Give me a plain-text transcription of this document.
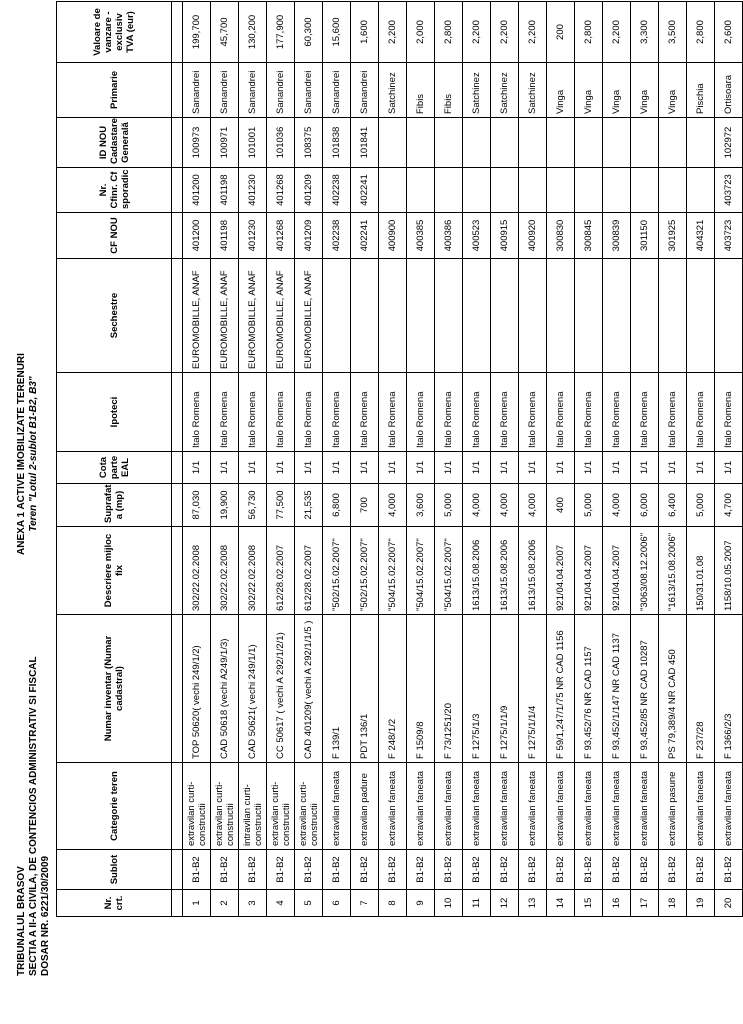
TRIBUNALUL BRASOV SECTIA A II-A CIVILA, DE CONTENCIOS ADMINISTRATIV SI FISCAL DOSAR NR. 6221/30/2009
ANEXA 1 ACTIVE IMOBILIZATE TERENURI Teren "Lotul 2-sublot B1-B2, B3"
Nr. crt.	Sublot	Categorie teren	Numar inventar (Numar cadastral)	Descriere mijloc fix	Suprafat a (mp)	Cota parte EAL	Ipoteci	Sechestre	CF NOU	Nr. Cfinr. Cf sporadic	ID NOU Cadastare Generală	Primarie	Valoare de vanzare - exclusiv TVA (eur)

1	B1-B2	extravilan curti-constructii	TOP 50620( vechi 249/1/2)	302/22.02.2008	87,030	1/1	Italo Romena	EUROMOBILLE, ANAF	401200	401200	100973	Sanandrei	199,700
2	B1-B2	extravilan curti-constructii	CAD 50618 (vechi A249/1/3)	302/22.02.2008	19,900	1/1	Italo Romena	EUROMOBILLE, ANAF	401198	401198	100971	Sanandrei	45,700
3	B1-B2	intravilan curti-constructii	CAD 50621( vechi 249/1/1)	302/22.02.2008	56,730	1/1	Italo Romena	EUROMOBILLE, ANAF	401230	401230	101001	Sanandrei	130,200
4	B1-B2	extravilan curti-constructii	CC 50617 ( vechi A 292/1/2/1)	612/28.02.2007	77,500	1/1	Italo Romena	EUROMOBILLE, ANAF	401268	401268	101036	Sanandrei	177,900
5	B1-B2	extravilan curti-constructii	CAD 401209( vechi A 292/1/1/5 )	612/28.02.2007	21,535	1/1	Italo Romena	EUROMOBILLE, ANAF	401209	401209	108375	Sanandrei	60,300
6	B1-B2	extravilan faneata	F 139/1	"502/15.02.2007"	6,800	1/1	Italo Romena		402238	402238	101838	Sanandrei	15,600
7	B1-B2	extravilan padure	PDT 136/1	"502/15.02.2007"	700	1/1	Italo Romena		402241	402241	101841	Sanandrei	1,600
8	B1-B2	extravilan faneata	F 248/1/2	"504/15.02.2007"	4,000	1/1	Italo Romena		400900			Satchinez	2,200
9	B1-B2	extravilan faneata	F 1509/8	"504/15.02.2007"	3,600	1/1	Italo Romena		400385			Fibis	2,000
10	B1-B2	extravilan faneata	F 73/1251/20	"504/15.02.2007"	5,000	1/1	Italo Romena		400386			Fibis	2,800
11	B1-B2	extravilan faneata	F 1275/1/3	1613/15.08.2006	4,000	1/1	Italo Romena		400523			Satchinez	2,200
12	B1-B2	extravilan faneata	F 1275/1/1/9	1613/15.08.2006	4,000	1/1	Italo Romena		400915			Satchinez	2,200
13	B1-B2	extravilan faneata	F 1275/1/1/4	1613/15.08.2006	4,000	1/1	Italo Romena		400920			Satchinez	2,200
14	B1-B2	extravilan faneata	F 59/1,247/1/75 NR CAD 1156	921/04.04.2007	400	1/1	Italo Romena		300830			Vinga	200
15	B1-B2	extravilan faneata	F 93,452/76 NR CAD 1157	921/04.04.2007	5,000	1/1	Italo Romena		300845			Vinga	2,800
16	B1-B2	extravilan faneata	F 93,452/1/147 NR CAD 1137	921/04.04.2007	4,000	1/1	Italo Romena		300839			Vinga	2,200
17	B1-B2	extravilan faneata	F 93,452/85 NR CAD 10287	"3063/08.12.2006"	6,000	1/1	Italo Romena		301150			Vinga	3,300
18	B1-B2	extravilan pasune	PS 79,389/4 NR CAD 450	"1613/15.08.2006"	6,400	1/1	Italo Romena		301925			Vinga	3,500
19	B1-B2	extravilan faneata	F 237/28	150/31.01.08	5,000	1/1	Italo Romena		404321			Pischia	2,800
20	B1-B2	extravilan faneata	F 1366/2/3	1158/10.05.2007	4,700	1/1	Italo Romena		403723	403723	102972	Ortisoara	2,600
